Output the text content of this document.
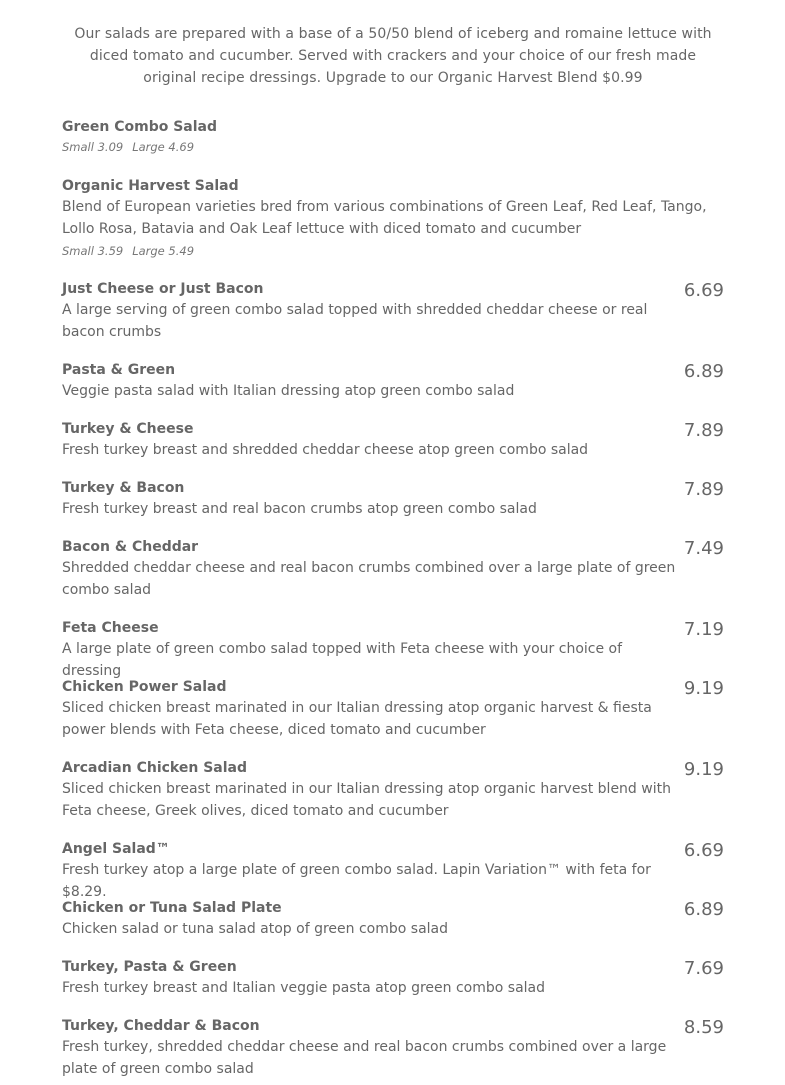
Our salads are prepared with a base of a 50/50 blend of iceberg and romaine lettuce with diced tomato and cucumber. Served with crackers and your choice of our fresh made original recipe dressings. Upgrade to our Organic Harvest Blend $0.99
Green Combo Salad
Small 3.09 Large 4.69
Organic Harvest Salad
Blend of European varieties bred from various combinations of Green Leaf, Red Leaf, Tango, Lollo Rosa, Batavia and Oak Leaf lettuce with diced tomato and cucumber
Small 3.59 Large 5.49
Just Cheese or Just Bacon
A large serving of green combo salad topped with shredded cheddar cheese or real bacon crumbs
6.69
Pasta & Green
Veggie pasta salad with Italian dressing atop green combo salad
6.89
Turkey & Cheese
Fresh turkey breast and shredded cheddar cheese atop green combo salad
7.89
Turkey & Bacon
Fresh turkey breast and real bacon crumbs atop green combo salad
7.89
Bacon & Cheddar
Shredded cheddar cheese and real bacon crumbs combined over a large plate of green combo salad
7.49
Feta Cheese
A large plate of green combo salad topped with Feta cheese with your choice of dressing
7.19
Chicken Power Salad
Sliced chicken breast marinated in our Italian dressing atop organic harvest & fiesta power blends with Feta cheese, diced tomato and cucumber
9.19
Arcadian Chicken Salad
Sliced chicken breast marinated in our Italian dressing atop organic harvest blend with Feta cheese, Greek olives, diced tomato and cucumber
9.19
Angel Salad™
Fresh turkey atop a large plate of green combo salad. Lapin Variation™ with feta for $8.29.
6.69
Chicken or Tuna Salad Plate
Chicken salad or tuna salad atop of green combo salad
6.89
Turkey, Pasta & Green
Fresh turkey breast and Italian veggie pasta atop green combo salad
7.69
Turkey, Cheddar & Bacon
Fresh turkey, shredded cheddar cheese and real bacon crumbs combined over a large plate of green combo salad
8.59
